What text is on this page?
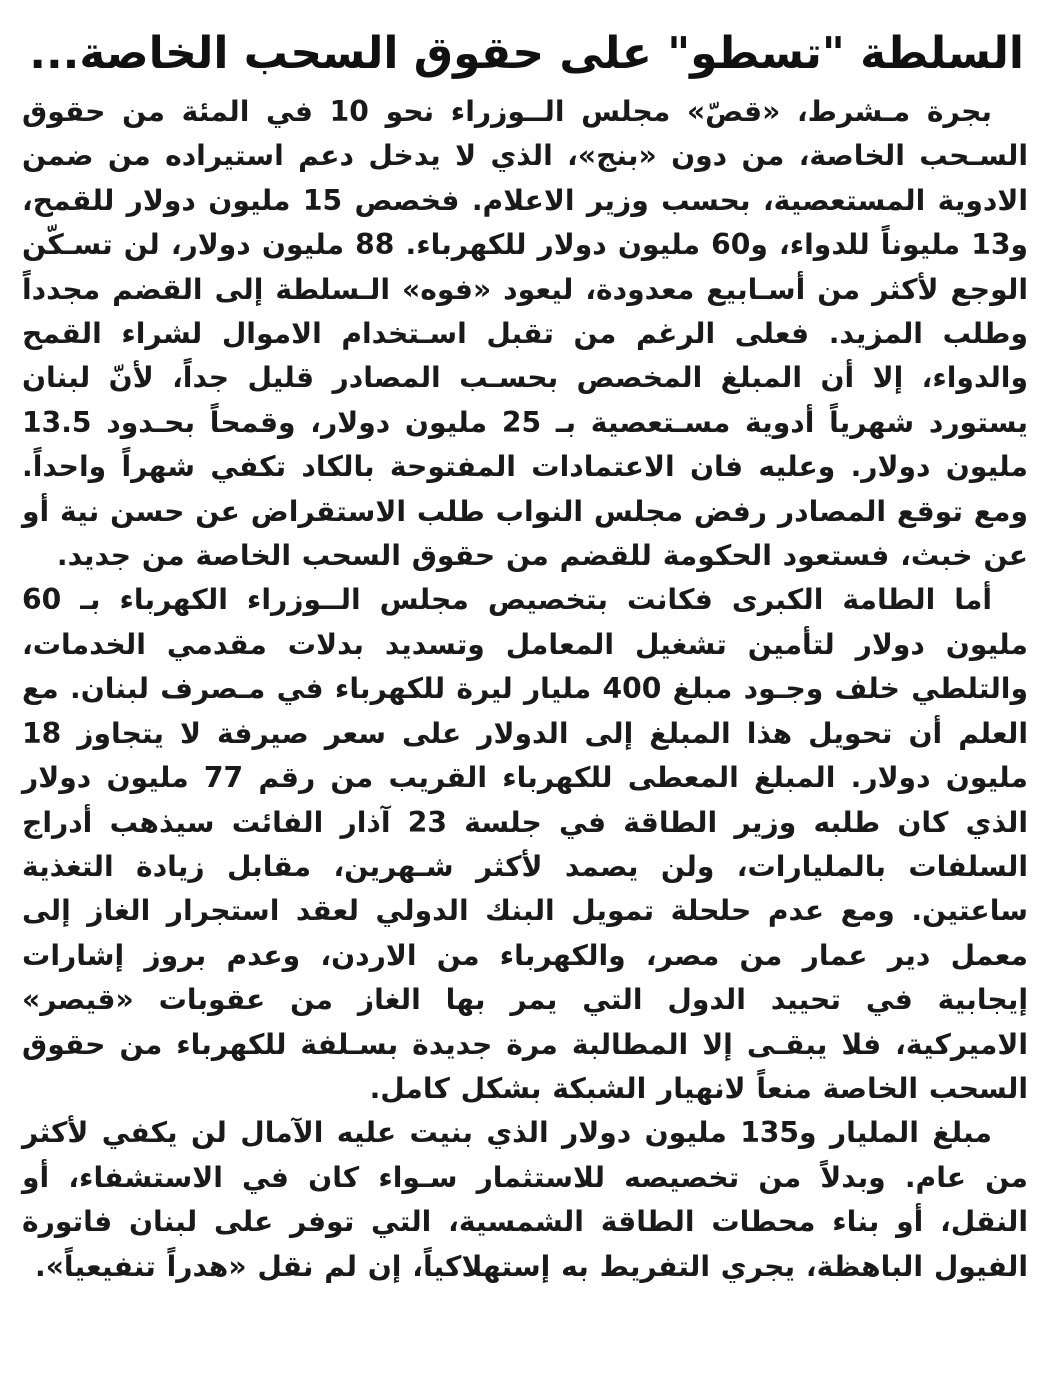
السلطة "تسطو" على حقوق السحب الخاصة...

بجرة مـشرط، «قصّ» مجلس الــوزراء نحو 10 في المئة من حقوق السـحب الخاصة، من دون «بنج»، الذي لا يدخل دعم استيراده من ضمن الادوية المستعصية، بحسب وزير الاعلام. فخصص 15 مليون دولار للقمح، و13 مليوناً للدواء، و60 مليون دولار للكهرباء. 88 مليون دولار، لن تسـكّن الوجع لأكثر من أسـابيع معدودة، ليعود «فوه» الـسلطة إلى القضم مجدداً وطلب المزيد. فعلى الرغم من تقبل اسـتخدام الاموال لشراء القمح والدواء، إلا أن المبلغ المخصص بحسـب المصادر قليل جداً، لأنّ لبنان يستورد شهرياً أدوية مسـتعصية بـ 25 مليون دولار، وقمحاً بحـدود 13.5 مليون دولار. وعليه فان الاعتمادات المفتوحة بالكاد تكفي شهراً واحداً. ومع توقع المصادر رفض مجلس النواب طلب الاستقراض عن حسن نية أو عن خبث، فستعود الحكومة للقضم من حقوق السحب الخاصة من جديد.

أما الطامة الكبرى فكانت بتخصيص مجلس الــوزراء الكهرباء بـ 60 مليون دولار لتأمين تشغيل المعامل وتسديد بدلات مقدمي الخدمات، والتلطي خلف وجـود مبلغ 400 مليار ليرة للكهرباء في مـصرف لبنان. مع العلم أن تحويل هذا المبلغ إلى الدولار على سعر صيرفة لا يتجاوز 18 مليون دولار. المبلغ المعطى للكهرباء القريب من رقم 77 مليون دولار الذي كان طلبه وزير الطاقة في جلسة 23 آذار الفائت سيذهب أدراج السلفات بالمليارات، ولن يصمد لأكثر شـهرين، مقابل زيادة التغذية ساعتين. ومع عدم حلحلة تمويل البنك الدولي لعقد استجرار الغاز إلى معمل دير عمار من مصر، والكهرباء من الاردن، وعدم بروز إشارات إيجابية في تحييد الدول التي يمر بها الغاز من عقوبات «قيصر» الاميركية، فلا يبقـى إلا المطالبة مرة جديدة بسـلفة للكهرباء من حقوق السحب الخاصة منعاً لانهيار الشبكة بشكل كامل.

مبلغ المليار و135 مليون دولار الذي بنيت عليه الآمال لن يكفي لأكثر من عام. وبدلاً من تخصيصه للاستثمار سـواء كان في الاستشفاء، أو النقل، أو بناء محطات الطاقة الشمسية، التي توفر على لبنان فاتورة الفيول الباهظة، يجري التفريط به إستهلاكياً، إن لم نقل «هدراً تنفيعياً».
